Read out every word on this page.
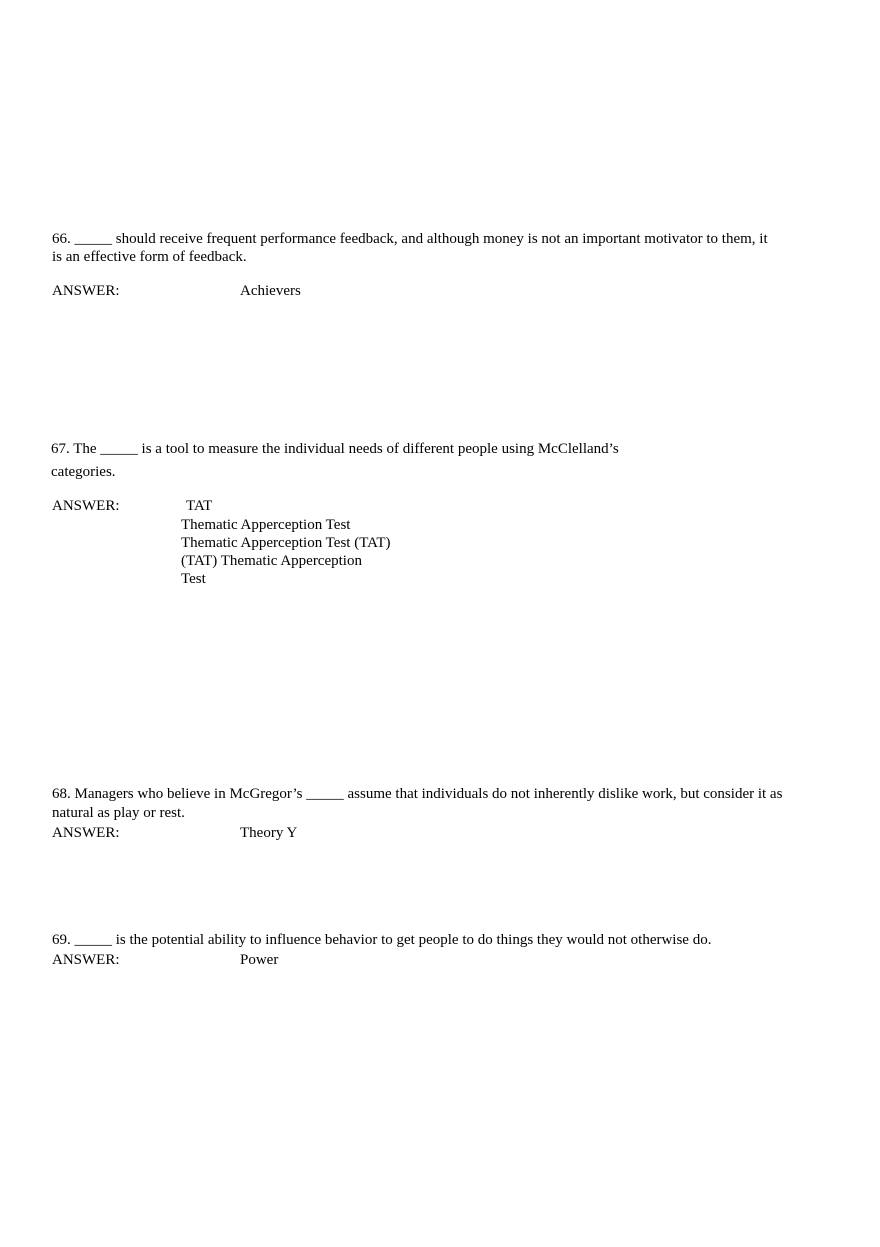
66. _____ should receive frequent performance feedback, and although money is not an important motivator to them, it
is an effective form of feedback.
ANSWER:	Achievers
67. The _____ is a tool to measure the individual needs of different people using McClelland’s
categories.
ANSWER:	TAT
Thematic Apperception Test
Thematic Apperception Test (TAT)
(TAT) Thematic Apperception
Test
68. Managers who believe in McGregor’s _____ assume that individuals do not inherently dislike work, but consider it as
natural as play or rest.
ANSWER:	Theory Y
69. _____ is the potential ability to influence behavior to get people to do things they would not otherwise do.
ANSWER:	Power
